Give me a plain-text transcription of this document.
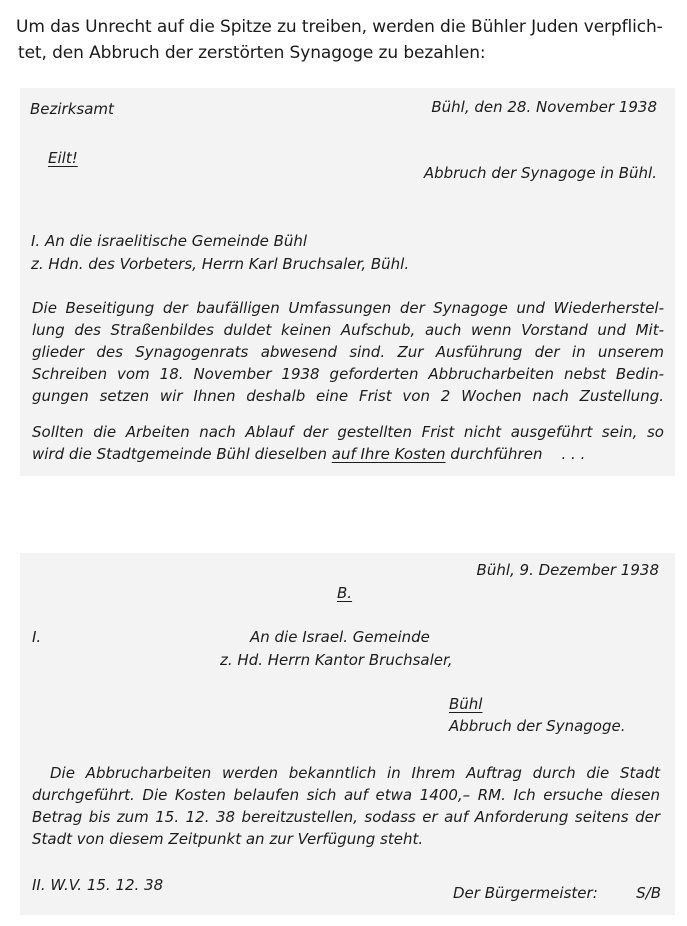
Um das Unrecht auf die Spitze zu treiben, werden die Bühler Juden verpflich-
tet, den Abbruch der zerstörten Synagoge zu bezahlen:
Bezirksamt	Bühl, den 28. November 1938
Eilt!
Abbruch der Synagoge in Bühl.
I. An die israelitische Gemeinde Bühl
z. Hdn. des Vorbeters, Herrn Karl Bruchsaler, Bühl.
Die Beseitigung der baufälligen Umfassungen der Synagoge und Wiederherstel-
lung des Straßenbildes duldet keinen Aufschub, auch wenn Vorstand und Mit-
glieder des Synagogenrats abwesend sind. Zur Ausführung der in unserem
Schreiben vom 18. November 1938 geforderten Abbrucharbeiten nebst Bedin-
gungen setzen wir Ihnen deshalb eine Frist von 2 Wochen nach Zustellung.
Sollten die Arbeiten nach Ablauf der gestellten Frist nicht ausgeführt sein, so
wird die Stadtgemeinde Bühl dieselben auf Ihre Kosten durchführen    . . .
Bühl, 9. Dezember 1938
B.
I.	An die Israel. Gemeinde
z. Hd. Herrn Kantor Bruchsaler,
Bühl
Abbruch der Synagoge.
Die Abbrucharbeiten werden bekanntlich in Ihrem Auftrag durch die Stadt
durchgeführt. Die Kosten belaufen sich auf etwa 1400,– RM. Ich ersuche diesen
Betrag bis zum 15. 12. 38 bereitzustellen, sodass er auf Anforderung seitens der
Stadt von diesem Zeitpunkt an zur Verfügung steht.
II. W.V. 15. 12. 38	Der Bürgermeister:	S/B
